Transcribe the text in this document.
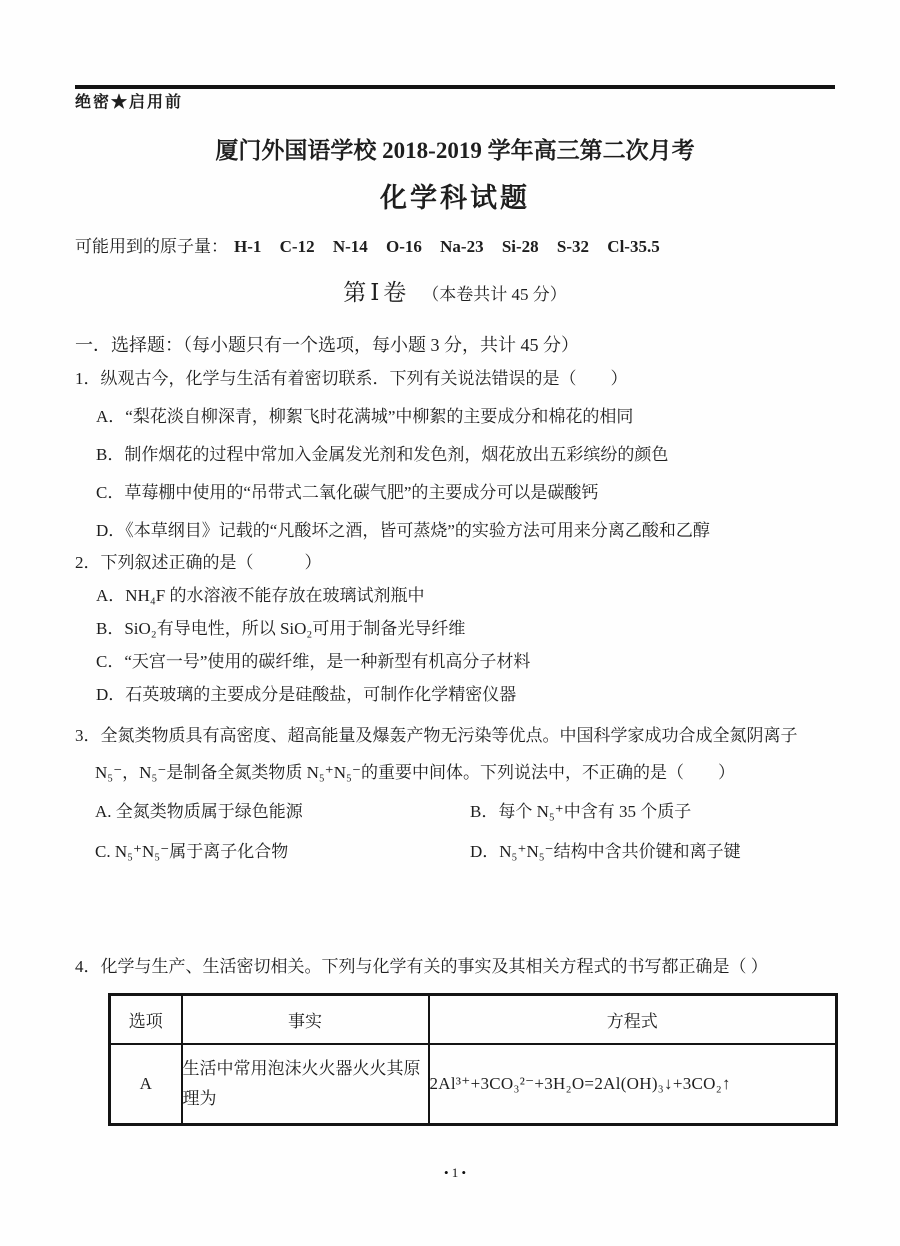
绝密★启用前
厦门外国语学校 2018-2019 学年高三第二次月考
化学科试题
可能用到的原子量： H-1 C-12 N-14 O-16 Na-23 Si-28 S-32 Cl-35.5
第Ⅰ卷 （本卷共计 45 分）
一．选择题：（每小题只有一个选项，每小题 3 分，共计 45 分）
1．纵观古今，化学与生活有着密切联系．下列有关说法错误的是（　　）
A．“梨花淡自柳深青，柳絮飞时花满城”中柳絮的主要成分和棉花的相同
B．制作烟花的过程中常加入金属发光剂和发色剂，烟花放出五彩缤纷的颜色
C．草莓棚中使用的“吊带式二氧化碳气肥”的主要成分可以是碳酸钙
D．《本草纲目》记载的“凡酸坏之酒，皆可蒸烧”的实验方法可用来分离乙酸和乙醇
2．下列叙述正确的是（　　　）
A．NH₄F 的水溶液不能存放在玻璃试剂瓶中
B．SiO₂有导电性，所以 SiO₂可用于制备光导纤维
C．“天宫一号”使用的碳纤维，是一种新型有机高分子材料
D．石英玻璃的主要成分是硅酸盐，可制作化学精密仪器
3．全氮类物质具有高密度、超高能量及爆轰产物无污染等优点。中国科学家成功合成全氮阴离子
N₅⁻，N₅⁻是制备全氮类物质 N₅⁺N₅⁻的重要中间体。下列说法中，不正确的是（　　）
A. 全氮类物质属于绿色能源	B．每个 N₅⁺中含有 35 个质子
C. N₅⁺N₅⁻属于离子化合物	D．N₅⁺N₅⁻结构中含共价键和离子键
4．化学与生产、生活密切相关。下列与化学有关的事实及其相关方程式的书写都正确是（ ）
选项	事实	方程式
A	生活中常用泡沫火火器火火其原理为	2Al³⁺+3CO₃²⁻+3H₂O=2Al(OH)₃↓+3CO₂↑
• 1 •
